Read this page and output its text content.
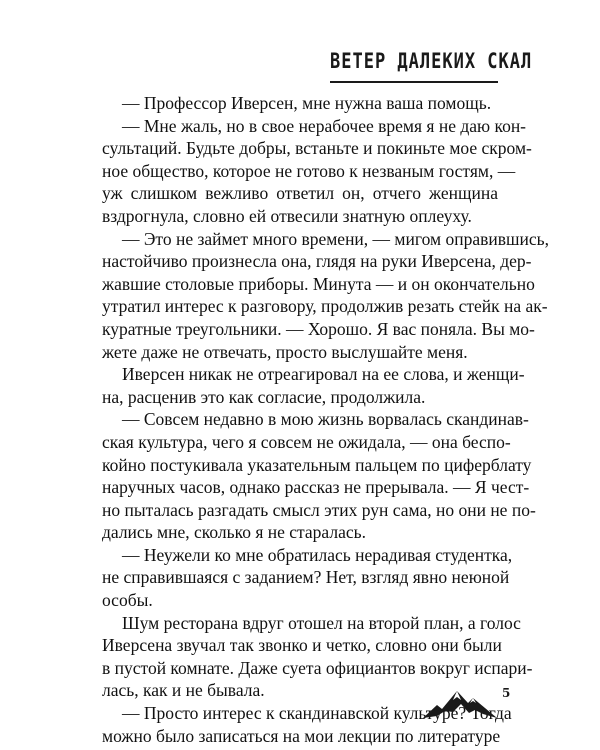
ВЕТЕР ДАЛЕКИХ СКАЛ
— Профессор Иверсен, мне нужна ваша помощь.
— Мне жаль, но в свое нерабочее время я не даю кон-
сультаций. Будьте добры, встаньте и покиньте мое скром-
ное общество, которое не готово к незваным гостям, —
уж слишком вежливо ответил он, отчего женщина
вздрогнула, словно ей отвесили знатную оплеуху.
— Это не займет много времени, — мигом оправившись,
настойчиво произнесла она, глядя на руки Иверсена, дер-
жавшие столовые приборы. Минута — и он окончательно
утратил интерес к разговору, продолжив резать стейк на ак-
куратные треугольники. — Хорошо. Я вас поняла. Вы мо-
жете даже не отвечать, просто выслушайте меня.
Иверсен никак не отреагировал на ее слова, и женщи-
на, расценив это как согласие, продолжила.
— Совсем недавно в мою жизнь ворвалась скандинав-
ская культура, чего я совсем не ожидала, — она беспо-
койно постукивала указательным пальцем по циферблату
наручных часов, однако рассказ не прерывала. — Я чест-
но пыталась разгадать смысл этих рун сама, но они не по-
дались мне, сколько я не старалась.
— Неужели ко мне обратилась нерадивая студентка,
не справившаяся с заданием? Нет, взгляд явно неюной
особы.
Шум ресторана вдруг отошел на второй план, а голос
Иверсена звучал так звонко и четко, словно они были
в пустой комнате. Даже суета официантов вокруг испари-
лась, как и не бывала.
— Просто интерес к скандинавской культуре? Тогда
можно было записаться на мои лекции по литературе
5
